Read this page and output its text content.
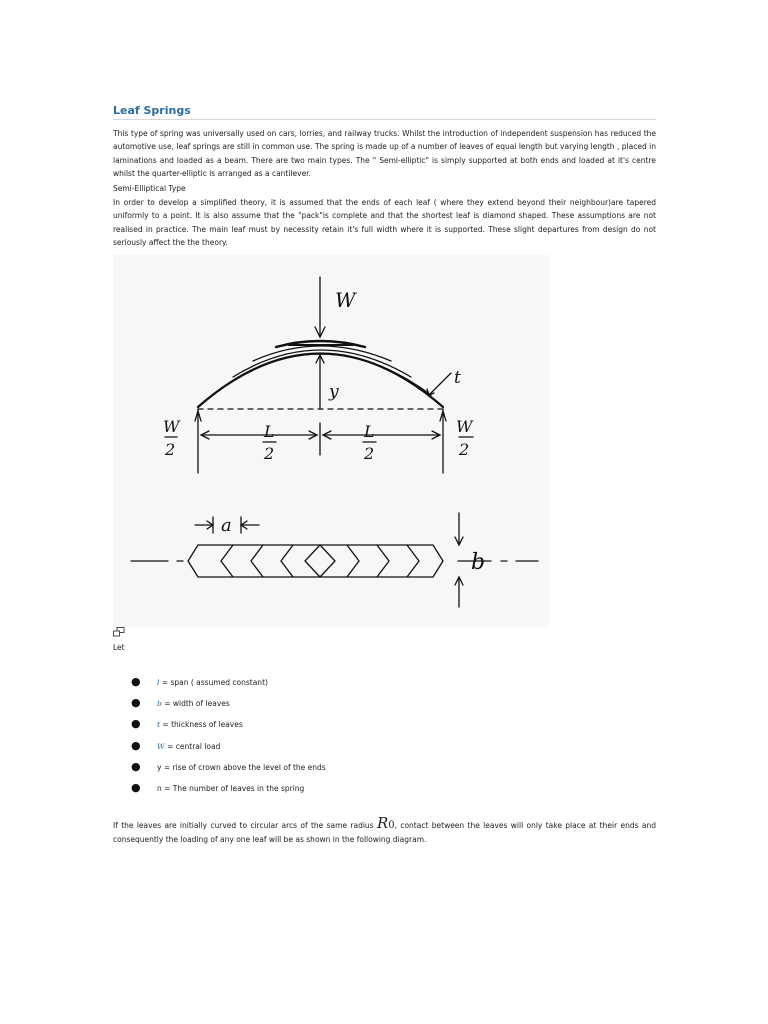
Leaf Springs
This type of spring was universally used on cars, lorries, and railway trucks. Whilst the introduction of independent suspension has reduced the automotive use, leaf springs are still in common use. The spring is made up of a number of leaves of equal length but varying length , placed in laminations and loaded as a beam. There are two main types. The " Semi-elliptic" is simply supported at both ends and loaded at it's centre whilst the quarter-elliptic is arranged as a cantilever.
Semi-Elliptical Type
In order to develop a simplified theory, it is assumed that the ends of each leaf ( where they extend beyond their neighbour)are tapered uniformly to a point. It is also assume that the "pack"is complete and that the shortest leaf is diamond shaped. These assumptions are not realised in practice. The main leaf must by necessity retain it's full width where it is supported. These slight departures from design do not seriously affect the the theory.
W
y
t
W
2
W
2
L
2
L
2
a
b
Let
● l = span ( assumed constant)
● b = width of leaves
● t = thickness of leaves
● W = central load
● y = rise of crown above the level of the ends
● n = The number of leaves in the spring
If the leaves are initially curved to circular arcs of the same radius R0, contact between the leaves will only take place at their ends and consequently the loading of any one leaf will be as shown in the following diagram.
